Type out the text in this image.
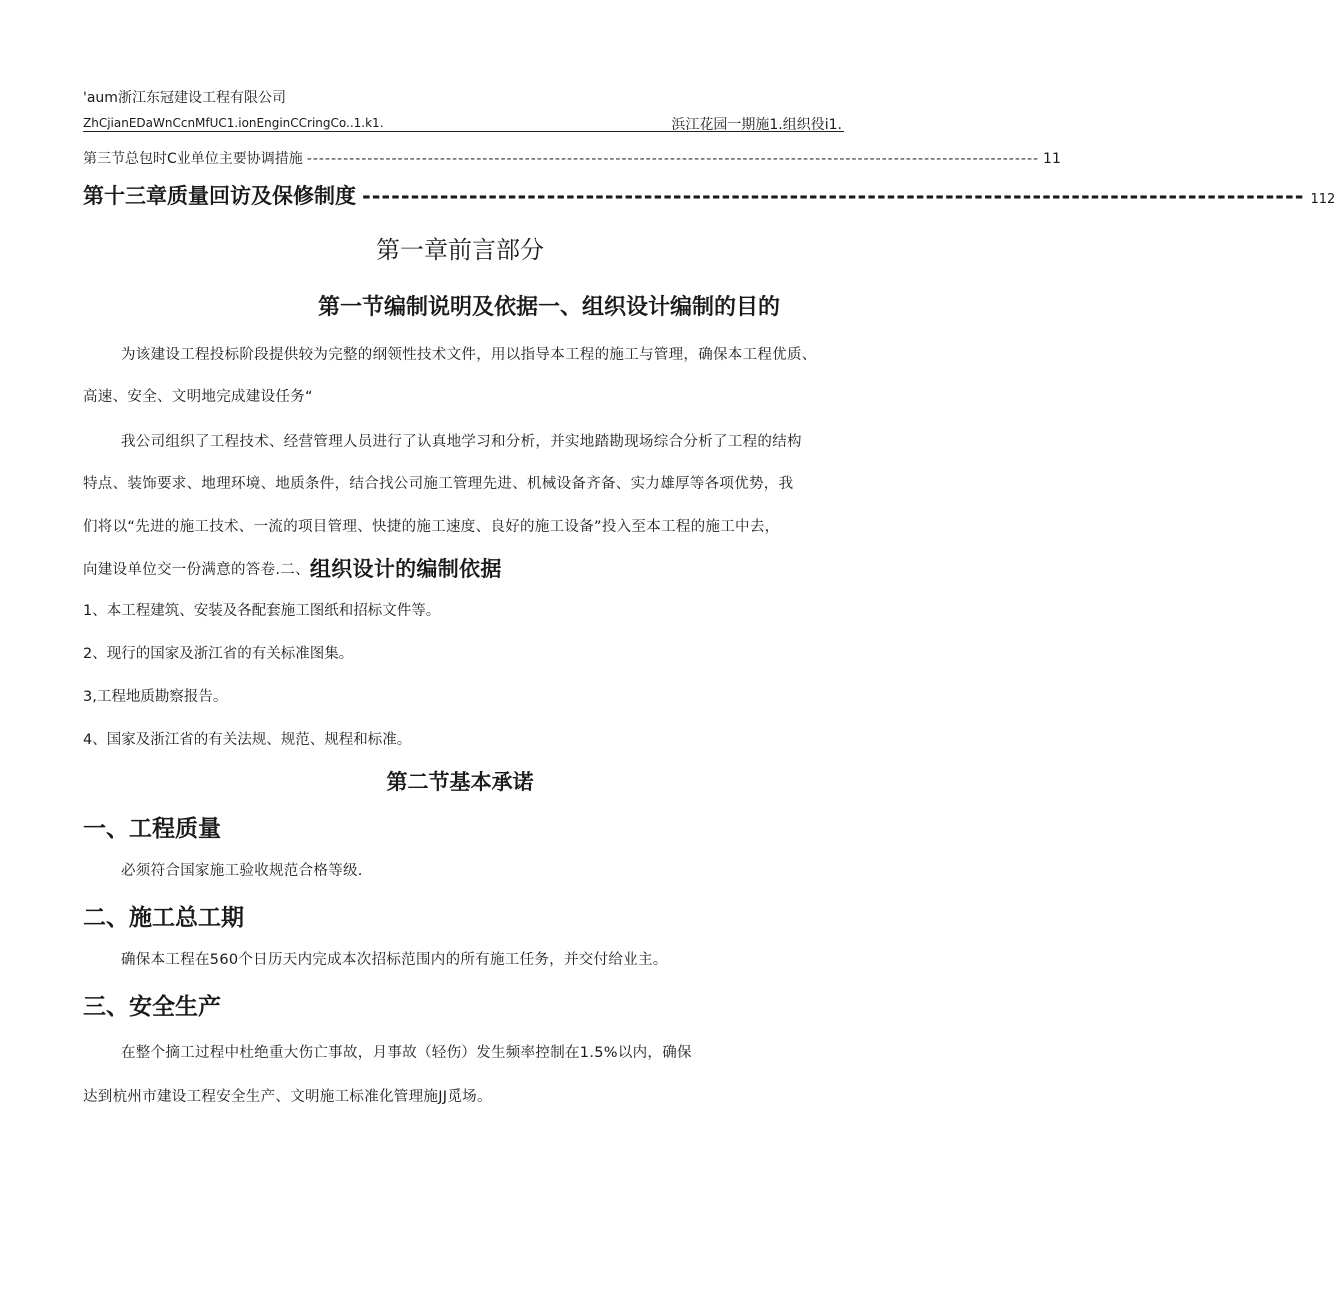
'aum浙江东冠建设工程有限公司
ZhCjianEDaWnCcnMfUC1.ionEnginCCringCo..1.k1.	浜江花园一期施1.组织役i1.
第三节总包时C业单位主要协调措施 ------------------------------------------------------------------------------------------------------------------------- 11
第十三章质量回访及保修制度 ------------------------------------------------------------------------------------------------- 112
第一章前言部分
第一节编制说明及依据一、组织设计编制的目的
为该建设工程投标阶段提供较为完整的纲领性技术文件，用以指导本工程的施工与管理，确保本工程优质、
高速、安全、文明地完成建设任务“
我公司组织了工程技术、经营管理人员进行了认真地学习和分析，并实地踏勘现场综合分析了工程的结构
特点、装饰要求、地理环境、地质条件，结合找公司施工管理先进、机械设备齐备、实力雄厚等各项优势，我
们将以“先进的施工技术、一流的项目管理、快捷的施工速度、良好的施工设备”投入至本工程的施工中去，
向建设单位交一份满意的答卷.二、组织设计的编制依据
1、本工程建筑、安装及各配套施工图纸和招标文件等。
2、现行的国家及浙江省的有关标准图集。
3,工程地质勘察报告。
4、国家及浙江省的有关法规、规范、规程和标准。
第二节基本承诺
一、工程质量
必须符合国家施工验收规范合格等级.
二、施工总工期
确保本工程在560个日历天内完成本次招标范围内的所有施工任务，并交付给业主。
三、安全生产
在整个摘工过程中杜绝重大伤亡事故，月事故（轻伤）发生频率控制在1.5%以内，确保
达到杭州市建设工程安全生产、文明施工标准化管理施JJ觅场。
